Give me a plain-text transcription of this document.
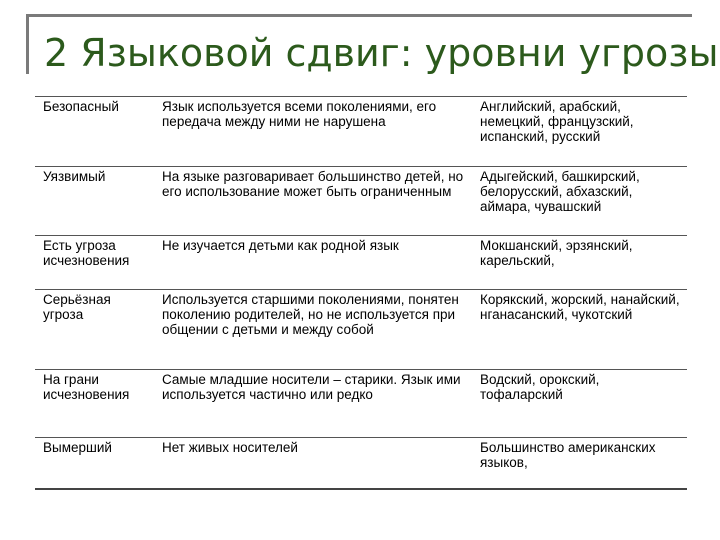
2 Языковой сдвиг: уровни угрозы
Безопасный	Язык используется всеми поколениями, его передача между ними не нарушена	Английский, арабский, немецкий, французский, испанский, русский
Уязвимый	На языке разговаривает большинство детей, но его использование может быть ограниченным	Адыгейский, башкирский, белорусский, абхазский, аймара, чувашский
Есть угроза исчезновения	Не изучается детьми как родной язык	Мокшанский, эрзянский, карельский,
Серьёзная угроза	Используется старшими поколениями, понятен поколению родителей, но не используется при общении с детьми и между собой	Корякский, жорский, нанайский, нганасанский, чукотский
На грани исчезновения	Самые младшие носители – старики. Язык ими используется частично или редко	Водский, орокский, тофаларский
Вымерший	Нет живых носителей	Большинство американских языков,
